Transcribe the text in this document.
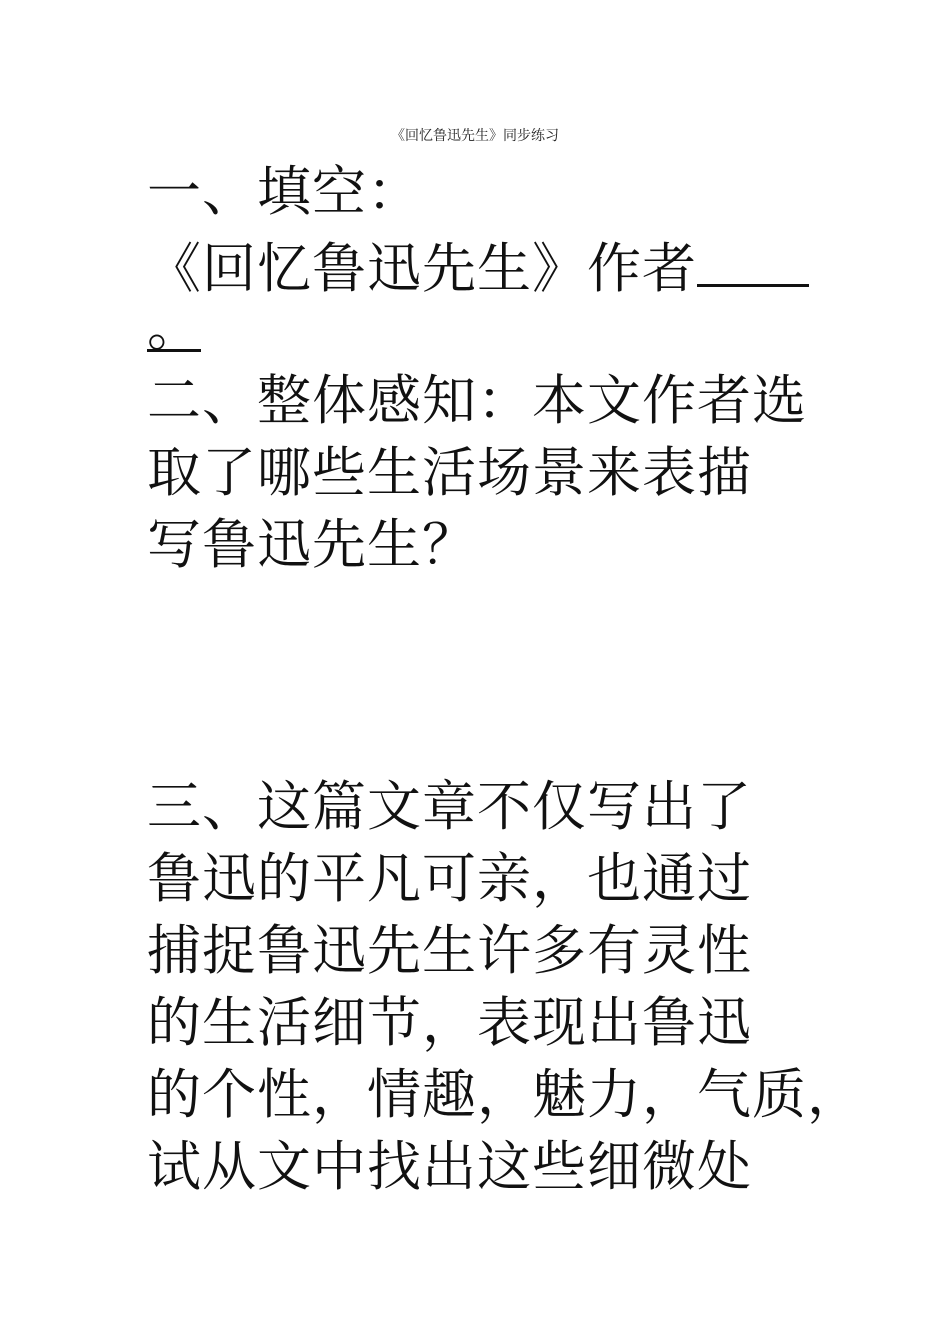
《回忆鲁迅先生》同步练习
一、填空：
《回忆鲁迅先生》作者
。
二、整体感知：本文作者选
取了哪些生活场景来表描
写鲁迅先生？
三、这篇文章不仅写出了
鲁迅的平凡可亲，也通过
捕捉鲁迅先生许多有灵性
的生活细节，表现出鲁迅
的个性，情趣，魅力，气质，
试从文中找出这些细微处
